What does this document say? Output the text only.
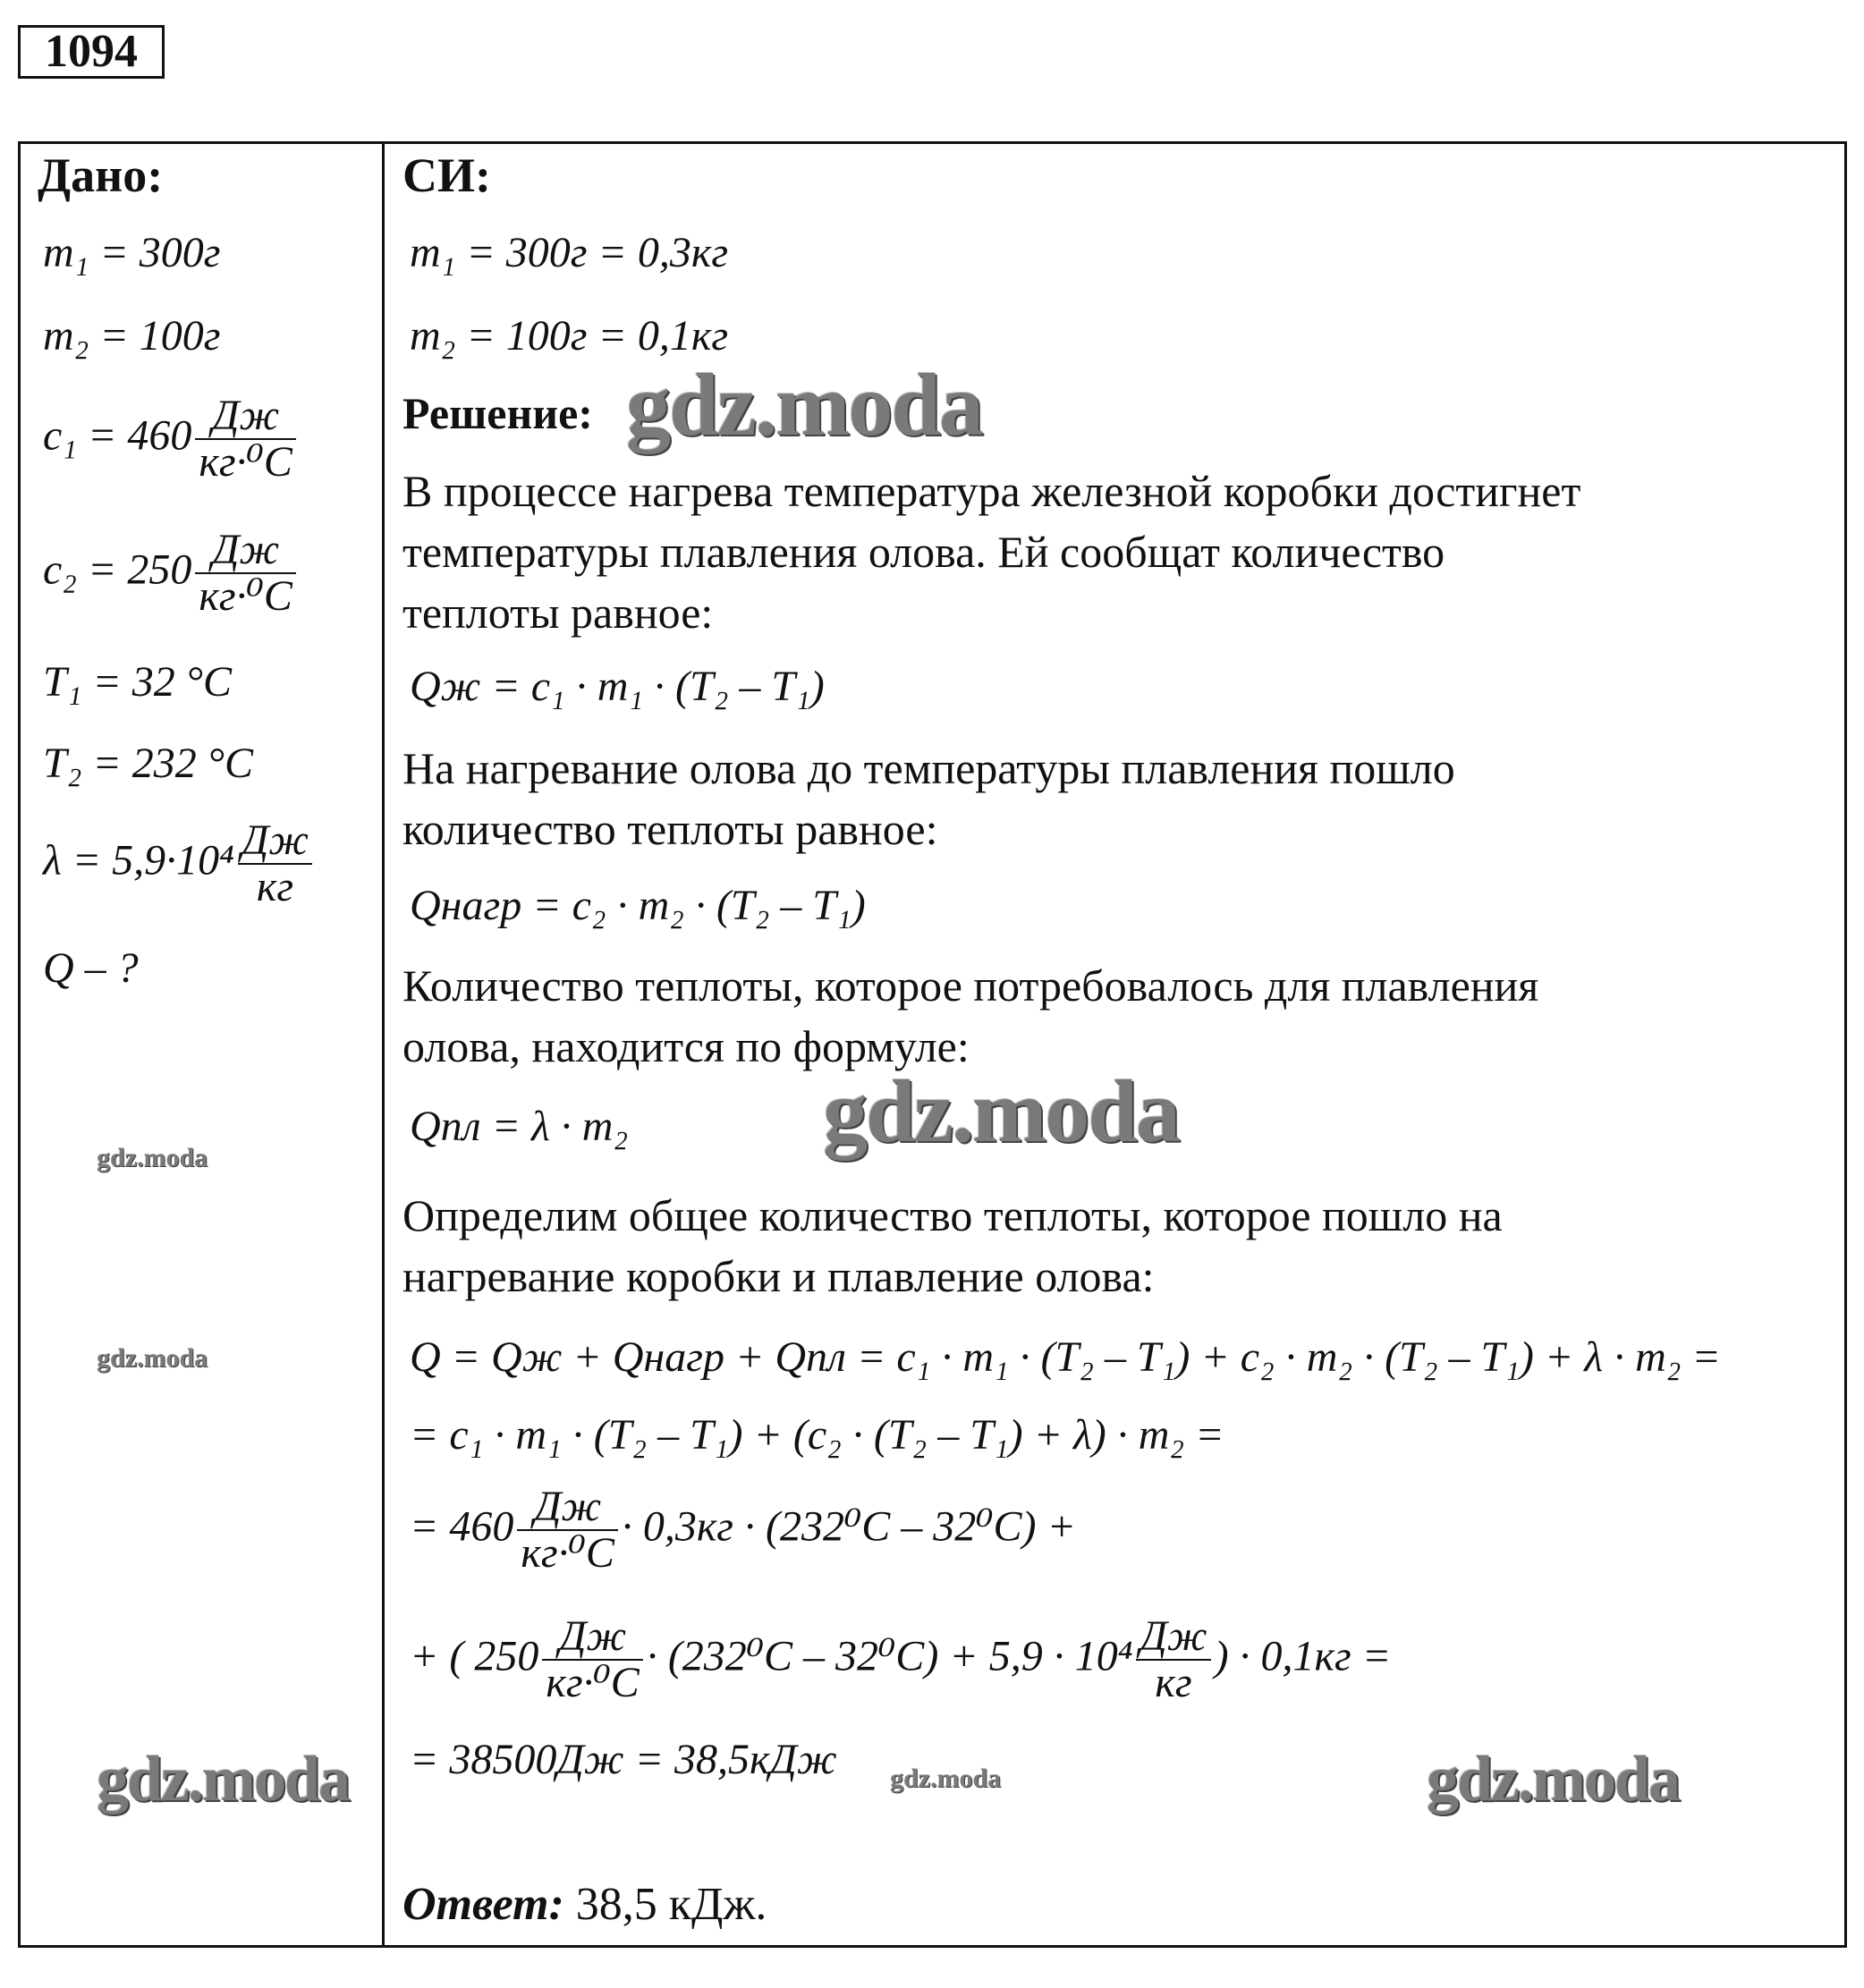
1094
Дано:
m₁ = 300г
m₂ = 100г
$c_1 = 460 \frac{Дж}{\text{кг·⁰C}}$
$c_2 = 250 \frac{Дж}{\text{кг·⁰C}}$
T₁ = 32 °C
T₂ = 232 °C
$\lambda = 5,9\cdot 10^4 \frac{Дж}{кг}$
Q – ?
СИ:
m₁ = 300г = 0,3кг
m₂ = 100г = 0,1кг
Решение:
В процессе нагрева температура железной коробки достигнет
температуры плавления олова. Ей сообщат количество
теплоты равное:
Qж = c₁ · m₁ · (T₂ – T₁)
На нагревание олова до температуры плавления пошло
количество теплоты равное:
Qнагр = c₂ · m₂ · (T₂ – T₁)
Количество теплоты, которое потребовалось для плавления
олова, находится по формуле:
Qпл = λ · m₂
Определим общее количество теплоты, которое пошло на
нагревание коробки и плавление олова:
Q = Qж + Qнагр + Qпл = c₁ · m₁ · (T₂ – T₁) + c₂ · m₂ · (T₂ – T₁) + λ · m₂ =
= c₁ · m₁ · (T₂ – T₁) + (c₂ · (T₂ – T₁) + λ) · m₂ =
= $460 \frac{Дж}{\text{кг·⁰C}} \cdot 0,3кг \cdot (232^0C - 32^0C)$ +
+ ( $250 \frac{Дж}{\text{кг·⁰C}} \cdot (232^0C - 32^0C) + 5,9 \cdot 10^4 \frac{Дж}{кг}$ ) · 0,1кг =
= 38500Дж = 38,5кДж
Ответ: 38,5 кДж.
gdz.moda
gdz.moda
gdz.moda	gdz.moda
gdz.moda
gdz.moda
gdz.moda
